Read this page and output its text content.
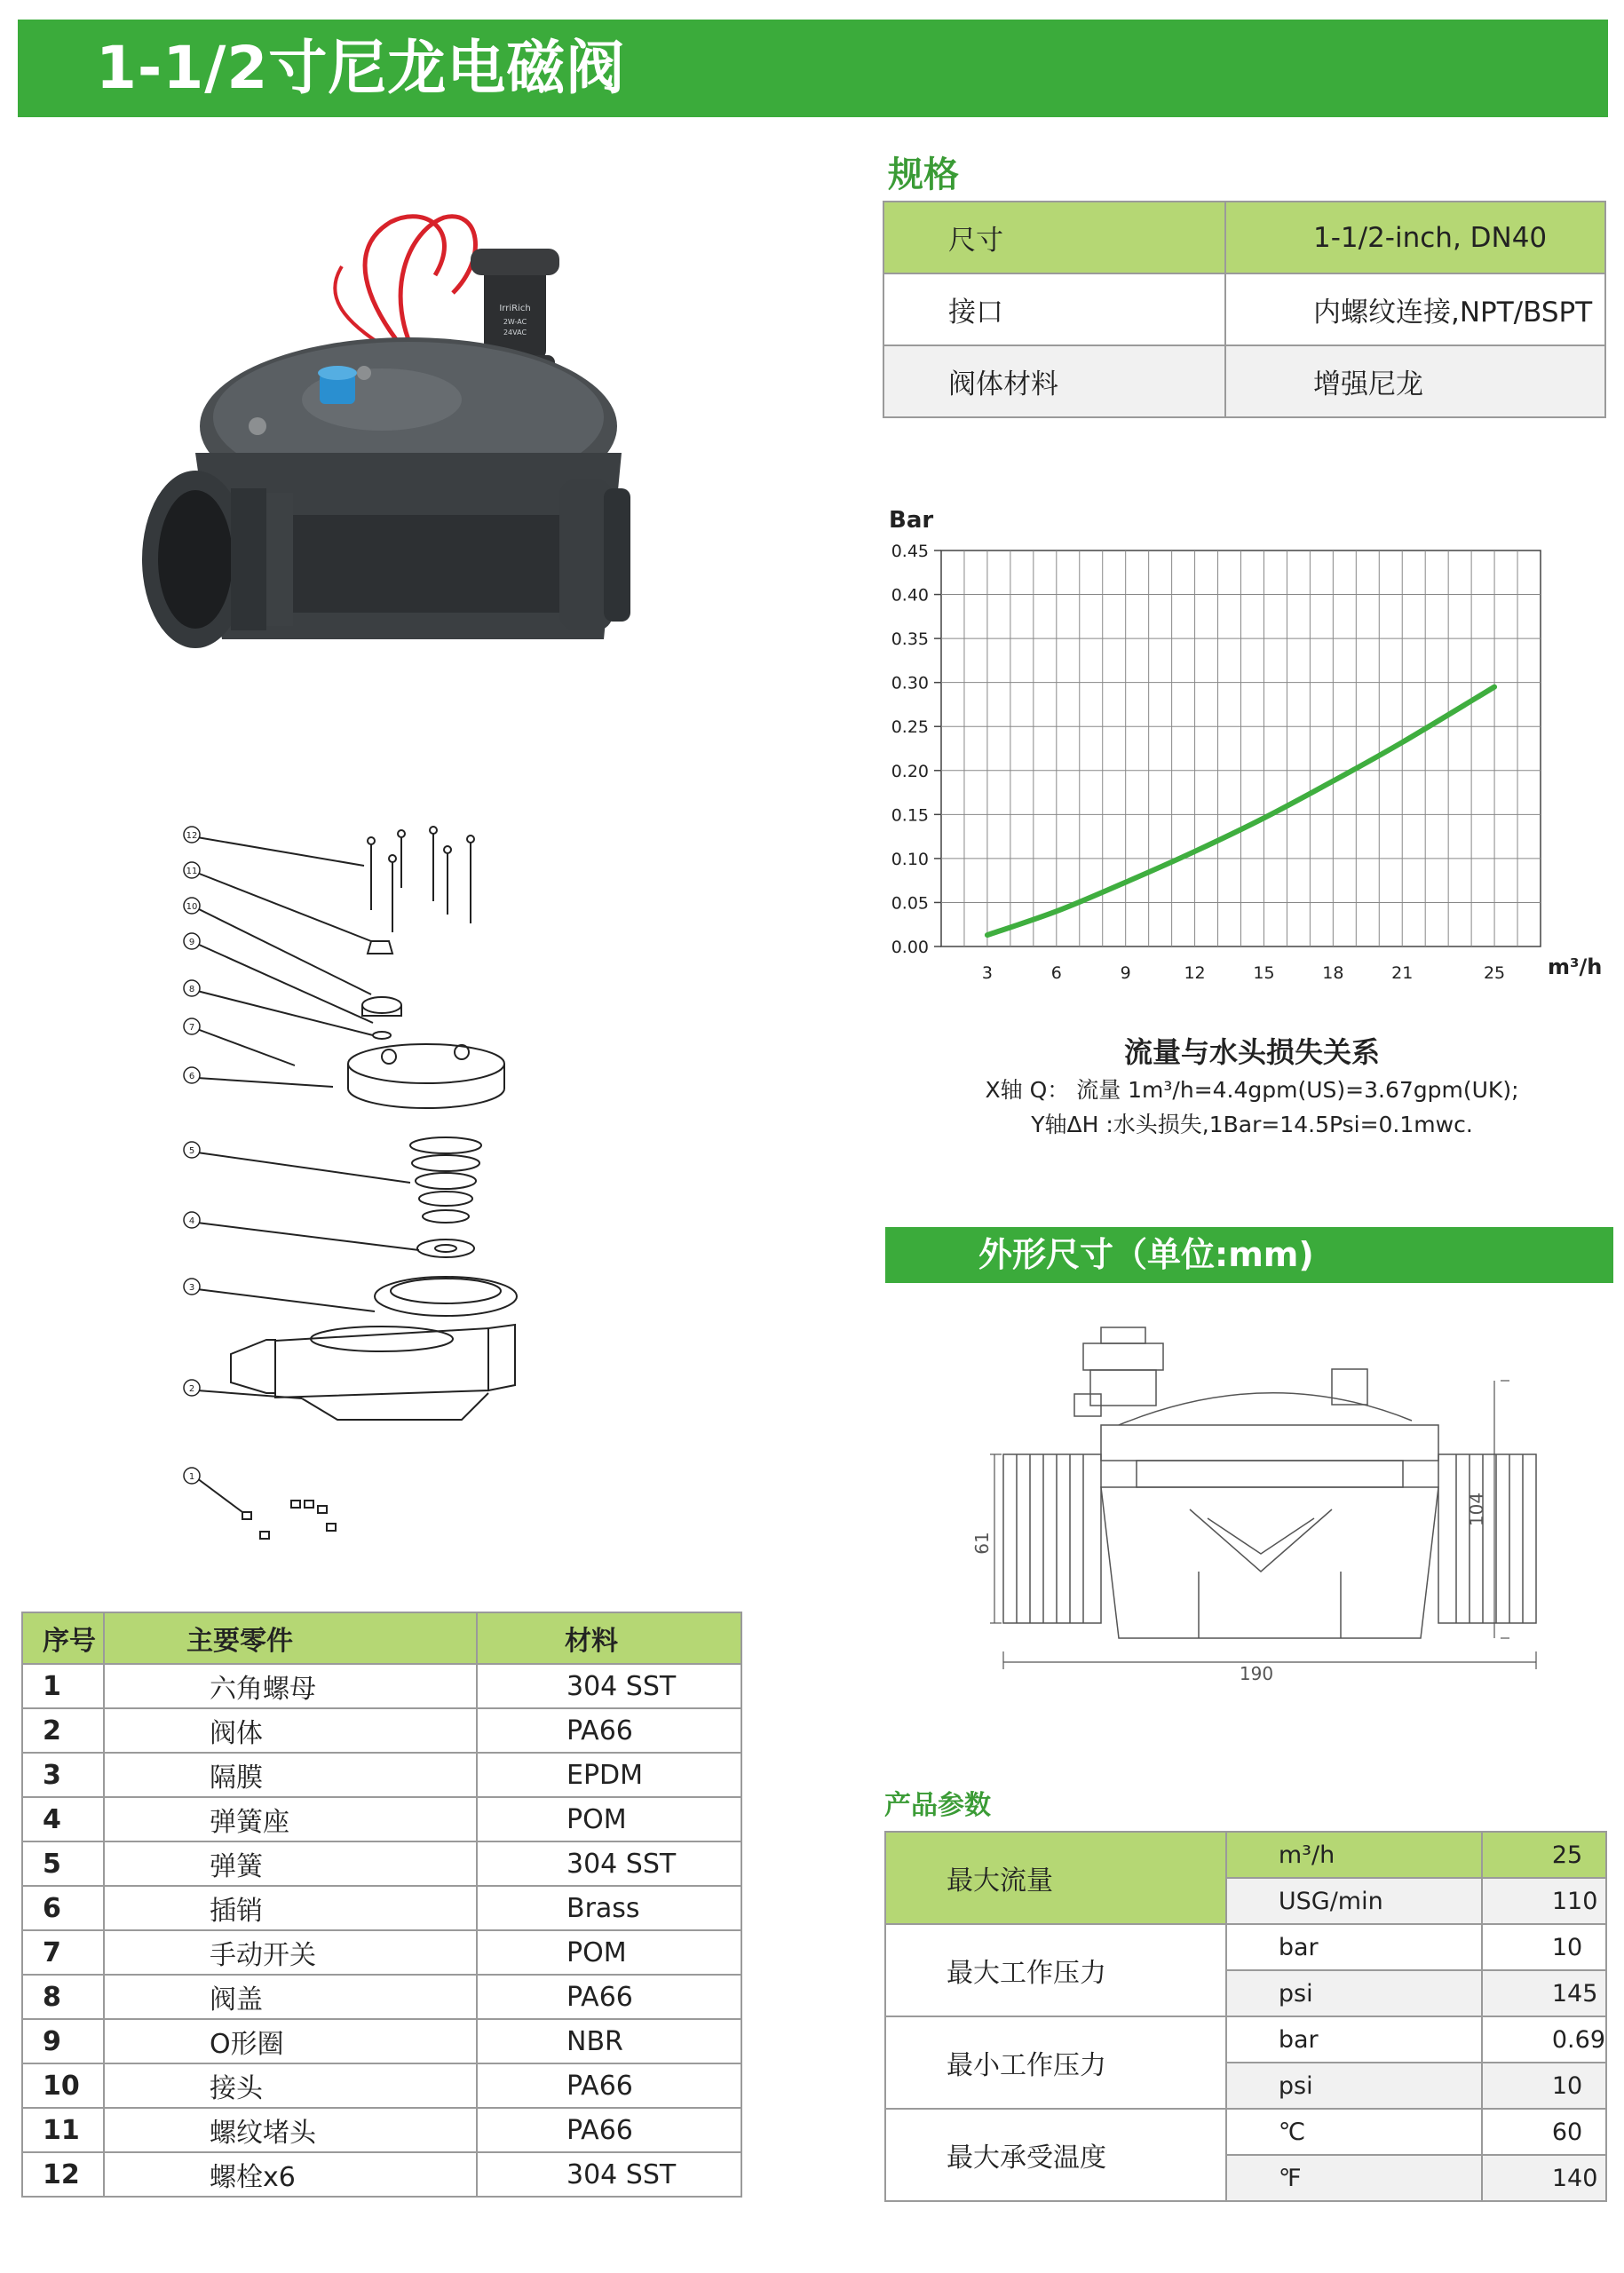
1-1/2寸尼龙电磁阀
IrriRich
2W-AC
24VAC
12
11
10
9
8
7
6
5
4
3
2
1
规格
尺寸	1-1/2-inch, DN40
接口	内螺纹连接,NPT/BSPT
阀体材料	增强尼龙
0.00
0.05
0.10
0.15
0.20
0.25
0.30
0.35
0.40
0.45
3	6	9	12	15	18	21	25
Bar
m³/h
流量与水头损失关系
X轴 Q： 流量 1m³/h=4.4gpm(US)=3.67gpm(UK);
Y轴ΔH :水头损失,1Bar=14.5Psi=0.1mwc.
外形尺寸（单位:mm)
190
104
61
序号	主要零件	材料
1	六角螺母	304 SST
2	阀体	PA66
3	隔膜	EPDM
4	弹簧座	POM
5	弹簧	304 SST
6	插销	Brass
7	手动开关	POM
8	阀盖	PA66
9	O形圈	NBR
10	接头	PA66
11	螺纹堵头	PA66
12	螺栓x6	304 SST
产品参数
最大流量	m³/h	25
	USG/min	110
最大工作压力	bar	10
	psi	145
最小工作压力	bar	0.69
	psi	10
最大承受温度	℃	60
	℉	140
